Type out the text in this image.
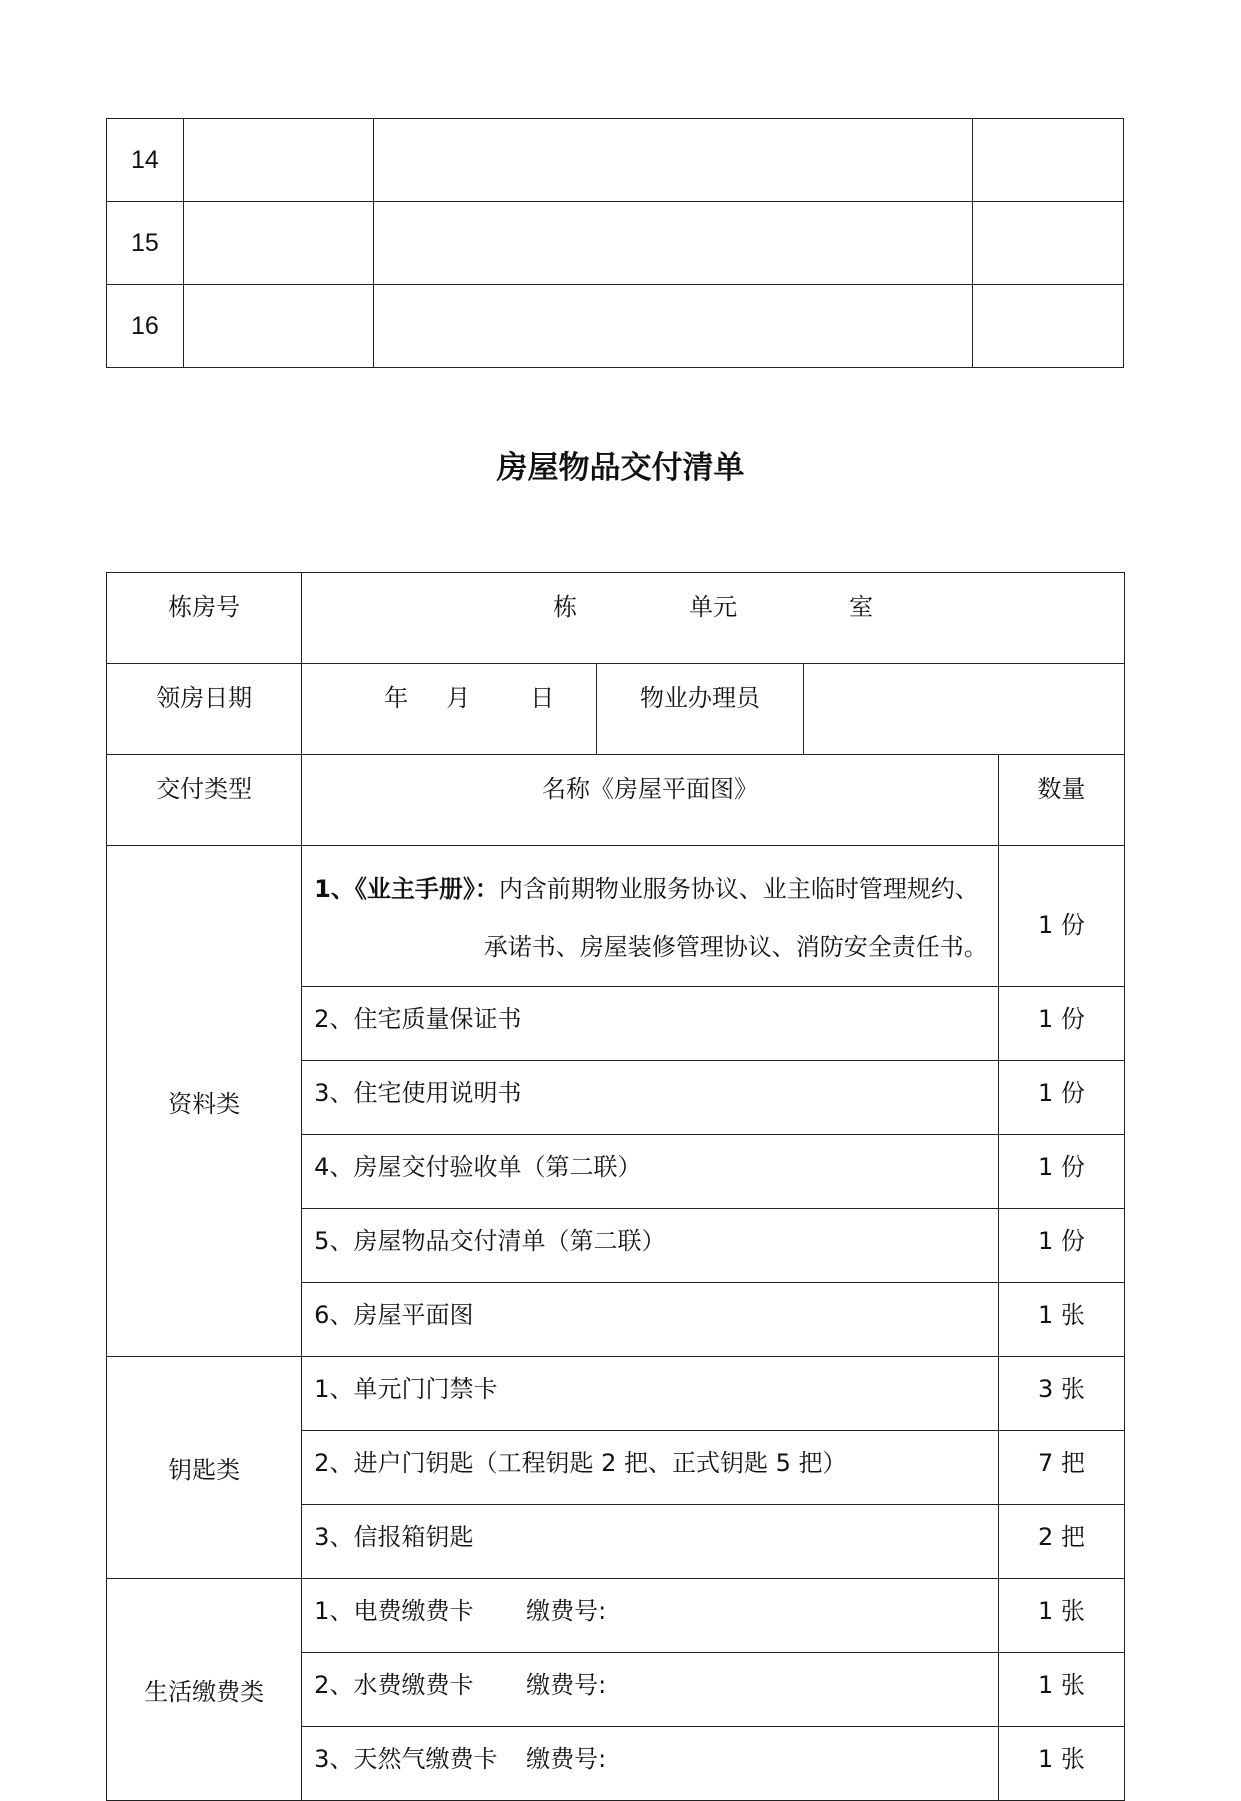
14			
15			
16			
房屋物品交付清单
栋房号	栋 单元 室			

领房日期	年 月 日	物业办理员		
交付类型	名称《房屋平面图》			数量
资料类	1、《业主手册》：内含前期物业服务协议、业主临时管理规约、
承诺书、房屋装修管理协议、消防安全责任书。			1 份
	2、住宅质量保证书			1 份
	3、住宅使用说明书			1 份
	4、房屋交付验收单（第二联）			1 份
	5、房屋物品交付清单（第二联）			1 份
	6、房屋平面图			1 张
钥匙类	1、单元门门禁卡			3 张
	2、进户门钥匙（工程钥匙 2 把、正式钥匙 5 把）			7 把
	3、信报箱钥匙			2 把
生活缴费类	1、电费缴费卡 缴费号:			1 张
	2、水费缴费卡 缴费号:			1 张
	3、天然气缴费卡 缴费号:			1 张
